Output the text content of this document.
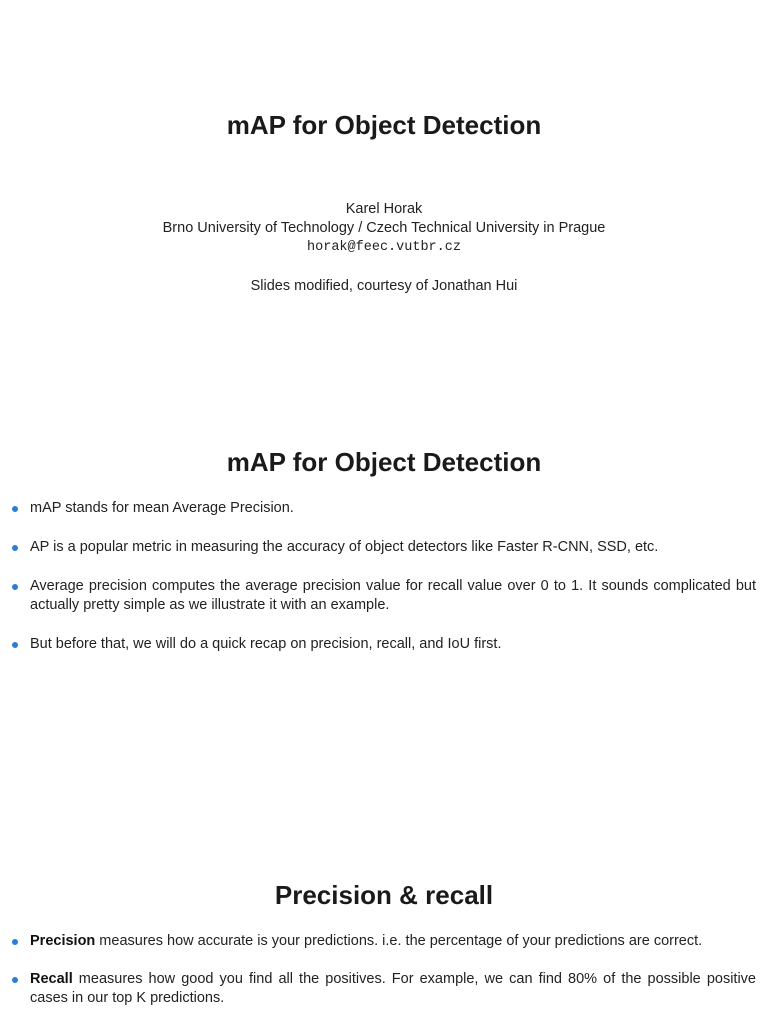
mAP for Object Detection
Karel Horak
Brno University of Technology / Czech Technical University in Prague
horak@feec.vutbr.cz
Slides modified, courtesy of Jonathan Hui
mAP for Object Detection
mAP stands for mean Average Precision.
AP is a popular metric in measuring the accuracy of object detectors like Faster R-CNN, SSD, etc.
Average precision computes the average precision value for recall value over 0 to 1. It sounds complicated but actually pretty simple as we illustrate it with an example.
But before that, we will do a quick recap on precision, recall, and IoU first.
Precision & recall
Precision measures how accurate is your predictions. i.e. the percentage of your predictions are correct.
Recall measures how good you find all the positives. For example, we can find 80% of the possible positive cases in our top K predictions.
